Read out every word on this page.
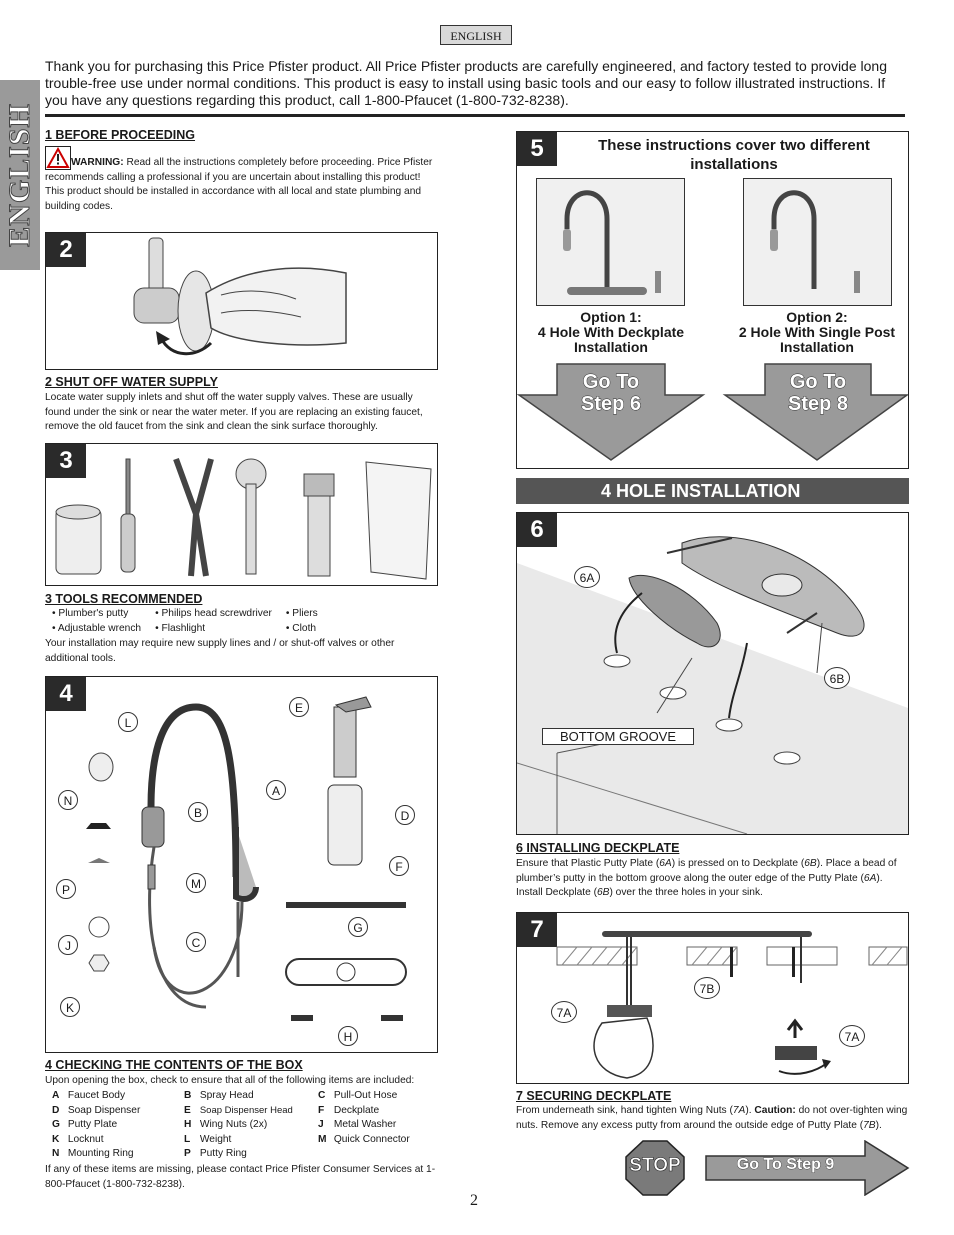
ENGLISH
ENGLISH
Thank you for purchasing this Price Pfister product. All Price Pfister products are carefully engineered, and factory tested to provide long trouble-free use under normal conditions. This product is easy to install using basic tools and our easy to follow illustrated instructions. If you have any questions regarding this product, call 1-800-Pfaucet (1-800-732-8238).
1 BEFORE PROCEEDING
WARNING: Read all the instructions completely before proceeding. Price Pfister recommends calling a professional if you are uncertain about installing this product! This product should be installed in accordance with all local and state plumbing and building codes.
2
2 SHUT OFF WATER SUPPLY
Locate water supply inlets and shut off the water supply valves. These are usually found under the sink or near the water meter. If you are replacing an existing faucet, remove the old faucet from the sink and clean the sink surface thoroughly.
3
3 TOOLS RECOMMENDED
• Plumber's putty	• Philips head screwdriver	• Pliers
• Adjustable wrench	• Flashlight	• Cloth
Your installation may require new supply lines and / or shut-off valves or other additional tools.
4
L
N
P
J
K
B
M
C
A
E
D
F
G
H
4 CHECKING THE CONTENTS OF THE BOX
Upon opening the box, check to ensure that all of the following items are included:
A Faucet Body	B Spray Head	C Pull-Out Hose
D Soap Dispenser	E Soap Dispenser Head	F Deckplate
G Putty Plate	H Wing Nuts (2x)	J Metal Washer
K Locknut	L Weight	M Quick Connector
N Mounting Ring	P Putty Ring	
If any of these items are missing, please contact Price Pfister Consumer Services at 1-800-Pfaucet (1-800-732-8238).
5	These instructions cover two different installations
Option 1:
4 Hole With Deckplate
Installation
Option 2:
2 Hole With Single Post
Installation
Go To
Step 6
Go To
Step 8
4 HOLE INSTALLATION
6
6A
6B
BOTTOM GROOVE
6 INSTALLING DECKPLATE
Ensure that Plastic Putty Plate (6A) is pressed on to Deckplate (6B). Place a bead of plumber’s putty in the bottom groove along the outer edge of the Putty Plate (6A). Install Deckplate (6B) over the three holes in your sink.
7
7B
7A
7A
7 SECURING DECKPLATE
From underneath sink, hand tighten Wing Nuts (7A). Caution: do not over-tighten wing nuts. Remove any excess putty from around the outside edge of Putty Plate (7B).
STOP	Go To Step 9
2
